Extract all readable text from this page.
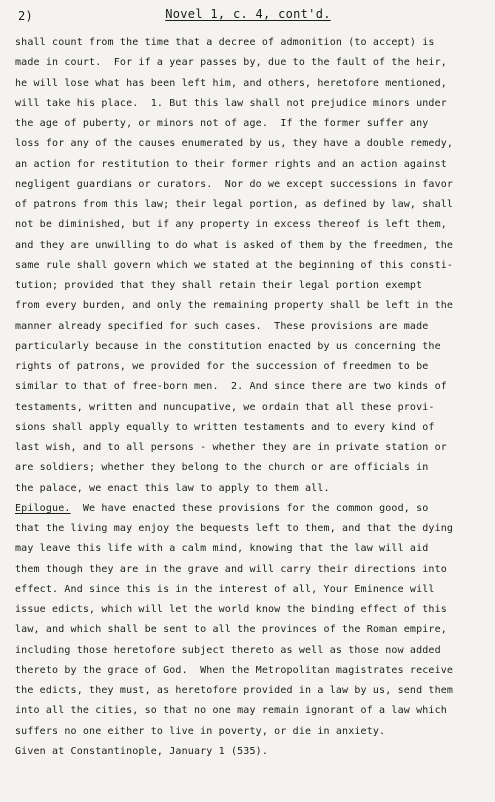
2)	Novel 1, c. 4, cont'd.
shall count from the time that a decree of admonition (to accept) is
made in court.  For if a year passes by, due to the fault of the heir,
he will lose what has been left him, and others, heretofore mentioned,
will take his place.  1. But this law shall not prejudice minors under
the age of puberty, or minors not of age.  If the former suffer any
loss for any of the causes enumerated by us, they have a double remedy,
an action for restitution to their former rights and an action against
negligent guardians or curators.  Nor do we except successions in favor
of patrons from this law; their legal portion, as defined by law, shall
not be diminished, but if any property in excess thereof is left them,
and they are unwilling to do what is asked of them by the freedmen, the
same rule shall govern which we stated at the beginning of this consti-
tution; provided that they shall retain their legal portion exempt
from every burden, and only the remaining property shall be left in the
manner already specified for such cases.  These provisions are made
particularly because in the constitution enacted by us concerning the
rights of patrons, we provided for the succession of freedmen to be
similar to that of free-born men.  2. And since there are two kinds of
testaments, written and nuncupative, we ordain that all these provi-
sions shall apply equally to written testaments and to every kind of
last wish, and to all persons - whether they are in private station or
are soldiers; whether they belong to the church or are officials in
the palace, we enact this law to apply to them all.
Epilogue.  We have enacted these provisions for the common good, so
that the living may enjoy the bequests left to them, and that the dying
may leave this life with a calm mind, knowing that the law will aid
them though they are in the grave and will carry their directions into
effect. And since this is in the interest of all, Your Eminence will
issue edicts, which will let the world know the binding effect of this
law, and which shall be sent to all the provinces of the Roman empire,
including those heretofore subject thereto as well as those now added
thereto by the grace of God.  When the Metropolitan magistrates receive
the edicts, they must, as heretofore provided in a law by us, send them
into all the cities, so that no one may remain ignorant of a law which
suffers no one either to live in poverty, or die in anxiety.
Given at Constantinople, January 1 (535).
